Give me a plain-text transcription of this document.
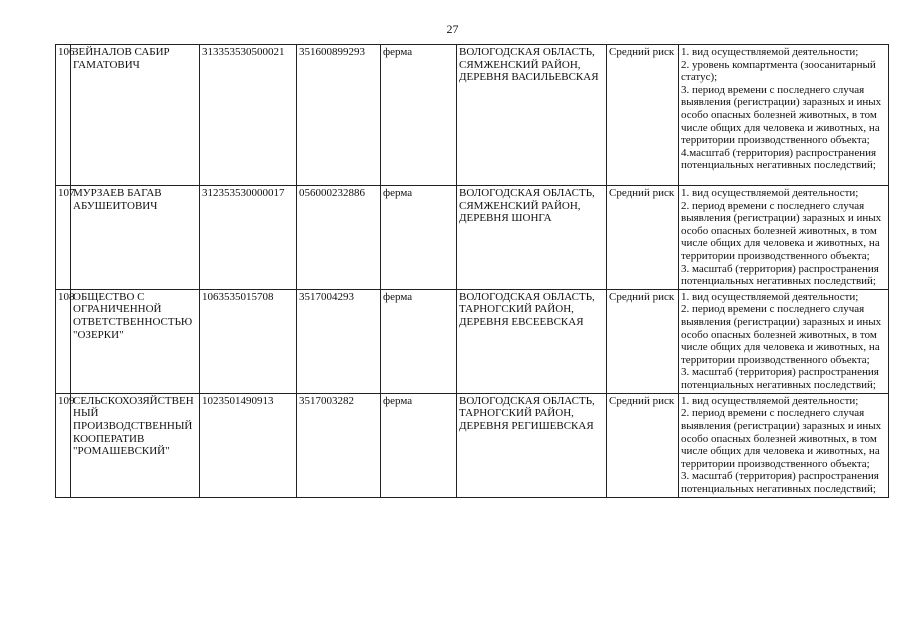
27
106	ЗЕЙНАЛОВ САБИР ГАМАТОВИЧ	313353530500021	351600899293	ферма	ВОЛОГОДСКАЯ ОБЛАСТЬ, СЯМЖЕНСКИЙ РАЙОН, ДЕРЕВНЯ ВАСИЛЬЕВСКАЯ	Средний риск	1. вид осуществляемой деятельности;
2. уровень компартмента (зоосанитарный статус);
3. период времени с последнего случая выявления (регистрации) заразных и иных особо опасных болезней животных, в том числе общих для человека и животных, на территории производственного объекта;
4.масштаб (территория) распространения потенциальных негативных последствий;

107	МУРЗАЕВ БАГАВ АБУШЕИТОВИЧ	312353530000017	056000232886	ферма	ВОЛОГОДСКАЯ ОБЛАСТЬ, СЯМЖЕНСКИЙ РАЙОН, ДЕРЕВНЯ ШОНГА	Средний риск	1. вид осуществляемой деятельности;
2. период времени с последнего случая выявления (регистрации) заразных и иных особо опасных болезней животных, в том числе общих для человека и животных, на территории производственного объекта;
3. масштаб (территория) распространения потенциальных негативных последствий;

108	ОБЩЕСТВО С ОГРАНИЧЕННОЙ ОТВЕТСТВЕННОСТЬЮ "ОЗЕРКИ"	1063535015708	3517004293	ферма	ВОЛОГОДСКАЯ ОБЛАСТЬ, ТАРНОГСКИЙ РАЙОН, ДЕРЕВНЯ ЕВСЕЕВСКАЯ	Средний риск	1. вид осуществляемой деятельности;
2. период времени с последнего случая выявления (регистрации) заразных и иных особо опасных болезней животных, в том числе общих для человека и животных, на территории производственного объекта;
3. масштаб (территория) распространения потенциальных негативных последствий;

109	СЕЛЬСКОХОЗЯЙСТВЕННЫЙ ПРОИЗВОДСТВЕННЫЙ КООПЕРАТИВ "РОМАШЕВСКИЙ"	1023501490913	3517003282	ферма	ВОЛОГОДСКАЯ ОБЛАСТЬ, ТАРНОГСКИЙ РАЙОН, ДЕРЕВНЯ РЕГИШЕВСКАЯ	Средний риск	1. вид осуществляемой деятельности;
2. период времени с последнего случая выявления (регистрации) заразных и иных особо опасных болезней животных, в том числе общих для человека и животных, на территории производственного объекта;
3. масштаб (территория) распространения потенциальных негативных последствий;
